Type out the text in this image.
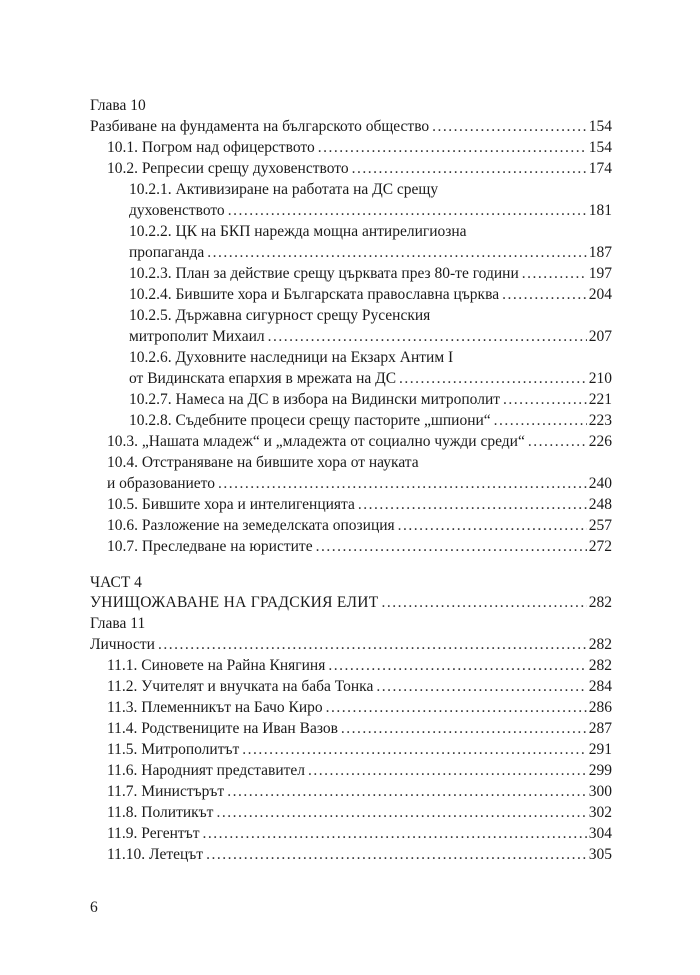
Глава 10
Разбиване на фундамента на българското общество .....	154
10.1. Погром над офицерството .....	154
10.2. Репресии срещу духовенството .....	174
10.2.1. Активизиране на работата на ДС срещу
духовенството .....	181
10.2.2. ЦК на БКП нарежда мощна антирелигиозна
пропаганда .....	187
10.2.3. План за действие срещу църквата през 80-те години .....	197
10.2.4. Бившите хора и Българската православна църква .....	204
10.2.5. Държавна сигурност срещу Русенския
митрополит Михаил .....	207
10.2.6. Духовните наследници на Екзарх Антим I
от Видинската епархия в мрежата на ДС .....	210
10.2.7. Намеса на ДС в избора на Видински митрополит .....	221
10.2.8. Съдебните процеси срещу пасторите „шпиони“ .....	223
10.3. „Нашата младеж“ и „младежта от социално чужди среди“ .....	226
10.4. Отстраняване на бившите хора от науката
и образованието .....	240
10.5. Бившите хора и интелигенцията .....	248
10.6. Разложение на земеделската опозиция .....	257
10.7. Преследване на юристите .....	272
ЧАСТ 4
УНИЩОЖАВАНЕ НА ГРАДСКИЯ ЕЛИТ .....	282
Глава 11
Личности .....	282
11.1. Синовете на Райна Княгиня .....	282
11.2. Учителят и внучката на баба Тонка .....	284
11.3. Племенникът на Бачо Киро .....	286
11.4. Родствениците на Иван Вазов .....	287
11.5. Митрополитът .....	291
11.6. Народният представител .....	299
11.7. Министърът .....	300
11.8. Политикът .....	302
11.9. Регентът .....	304
11.10. Летецът .....	305
6
